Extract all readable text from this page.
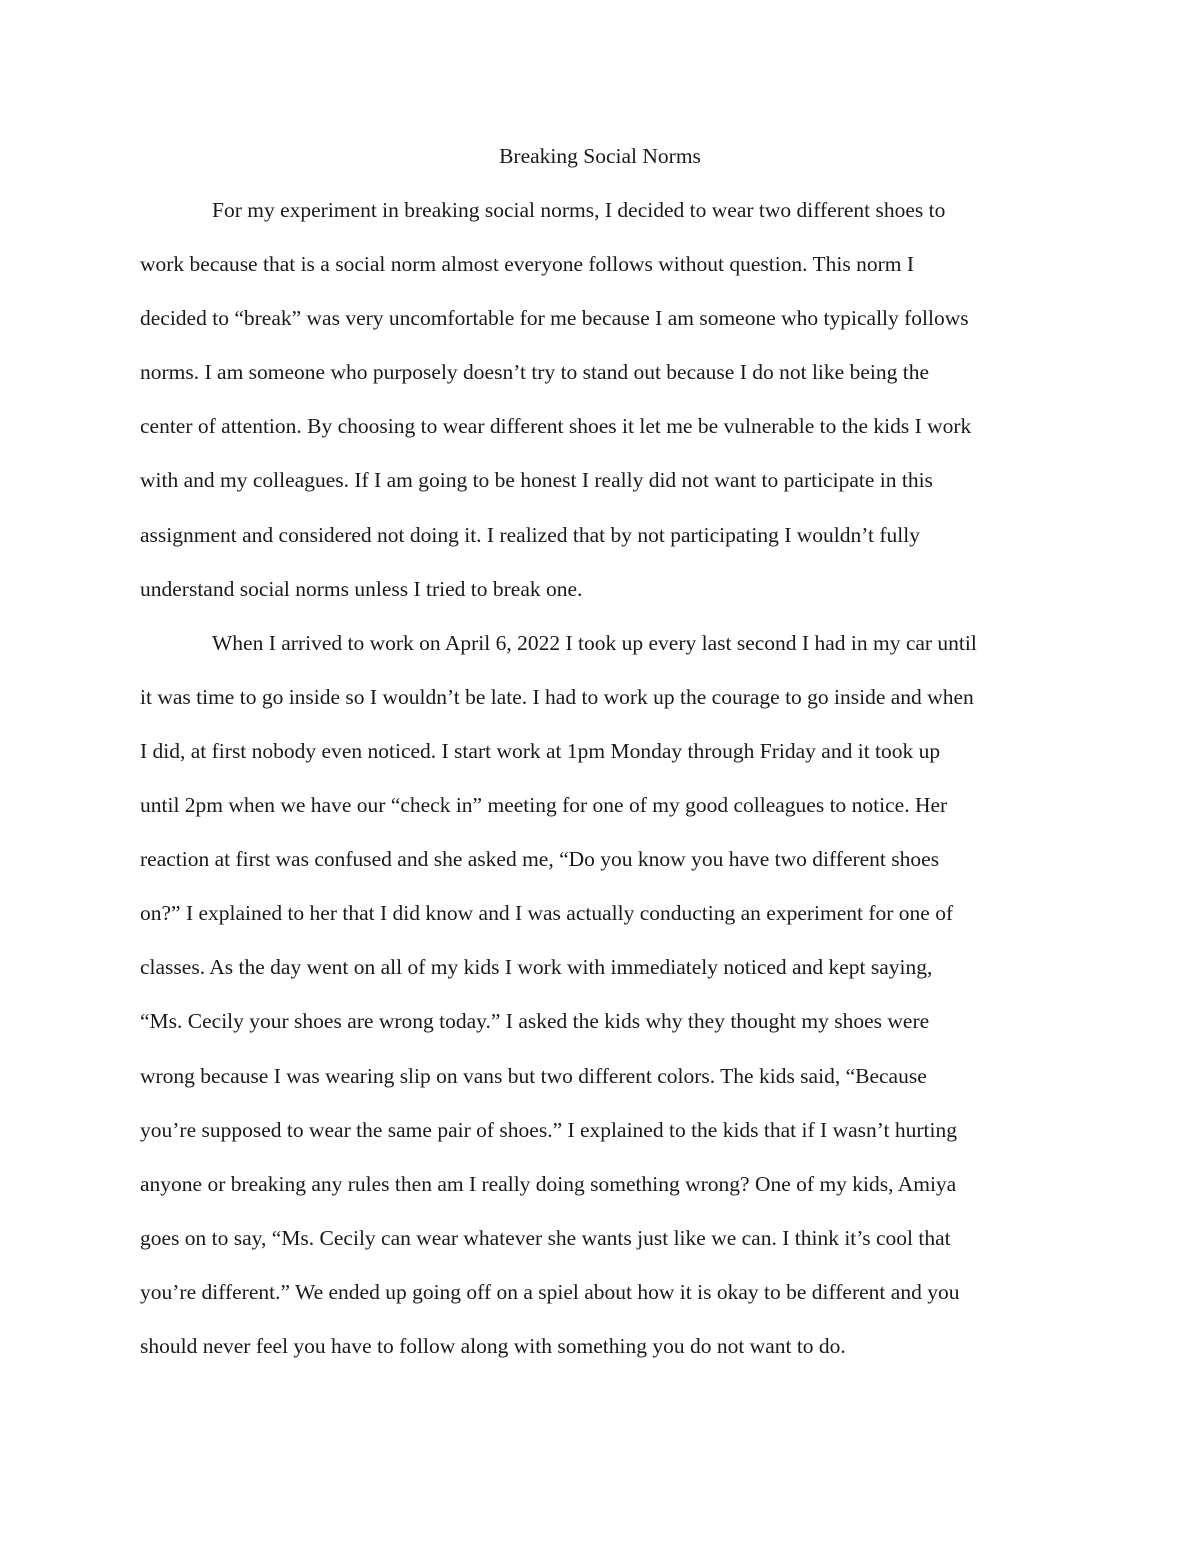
Breaking Social Norms
For my experiment in breaking social norms, I decided to wear two different shoes to
work because that is a social norm almost everyone follows without question. This norm I
decided to “break” was very uncomfortable for me because I am someone who typically follows
norms. I am someone who purposely doesn’t try to stand out because I do not like being the
center of attention. By choosing to wear different shoes it let me be vulnerable to the kids I work
with and my colleagues. If I am going to be honest I really did not want to participate in this
assignment and considered not doing it. I realized that by not participating I wouldn’t fully
understand social norms unless I tried to break one.
When I arrived to work on April 6, 2022 I took up every last second I had in my car until
it was time to go inside so I wouldn’t be late. I had to work up the courage to go inside and when
I did, at first nobody even noticed. I start work at 1pm Monday through Friday and it took up
until 2pm when we have our “check in” meeting for one of my good colleagues to notice. Her
reaction at first was confused and she asked me, “Do you know you have two different shoes
on?” I explained to her that I did know and I was actually conducting an experiment for one of
classes. As the day went on all of my kids I work with immediately noticed and kept saying,
“Ms. Cecily your shoes are wrong today.” I asked the kids why they thought my shoes were
wrong because I was wearing slip on vans but two different colors. The kids said, “Because
you’re supposed to wear the same pair of shoes.” I explained to the kids that if I wasn’t hurting
anyone or breaking any rules then am I really doing something wrong? One of my kids, Amiya
goes on to say, “Ms. Cecily can wear whatever she wants just like we can. I think it’s cool that
you’re different.” We ended up going off on a spiel about how it is okay to be different and you
should never feel you have to follow along with something you do not want to do.
